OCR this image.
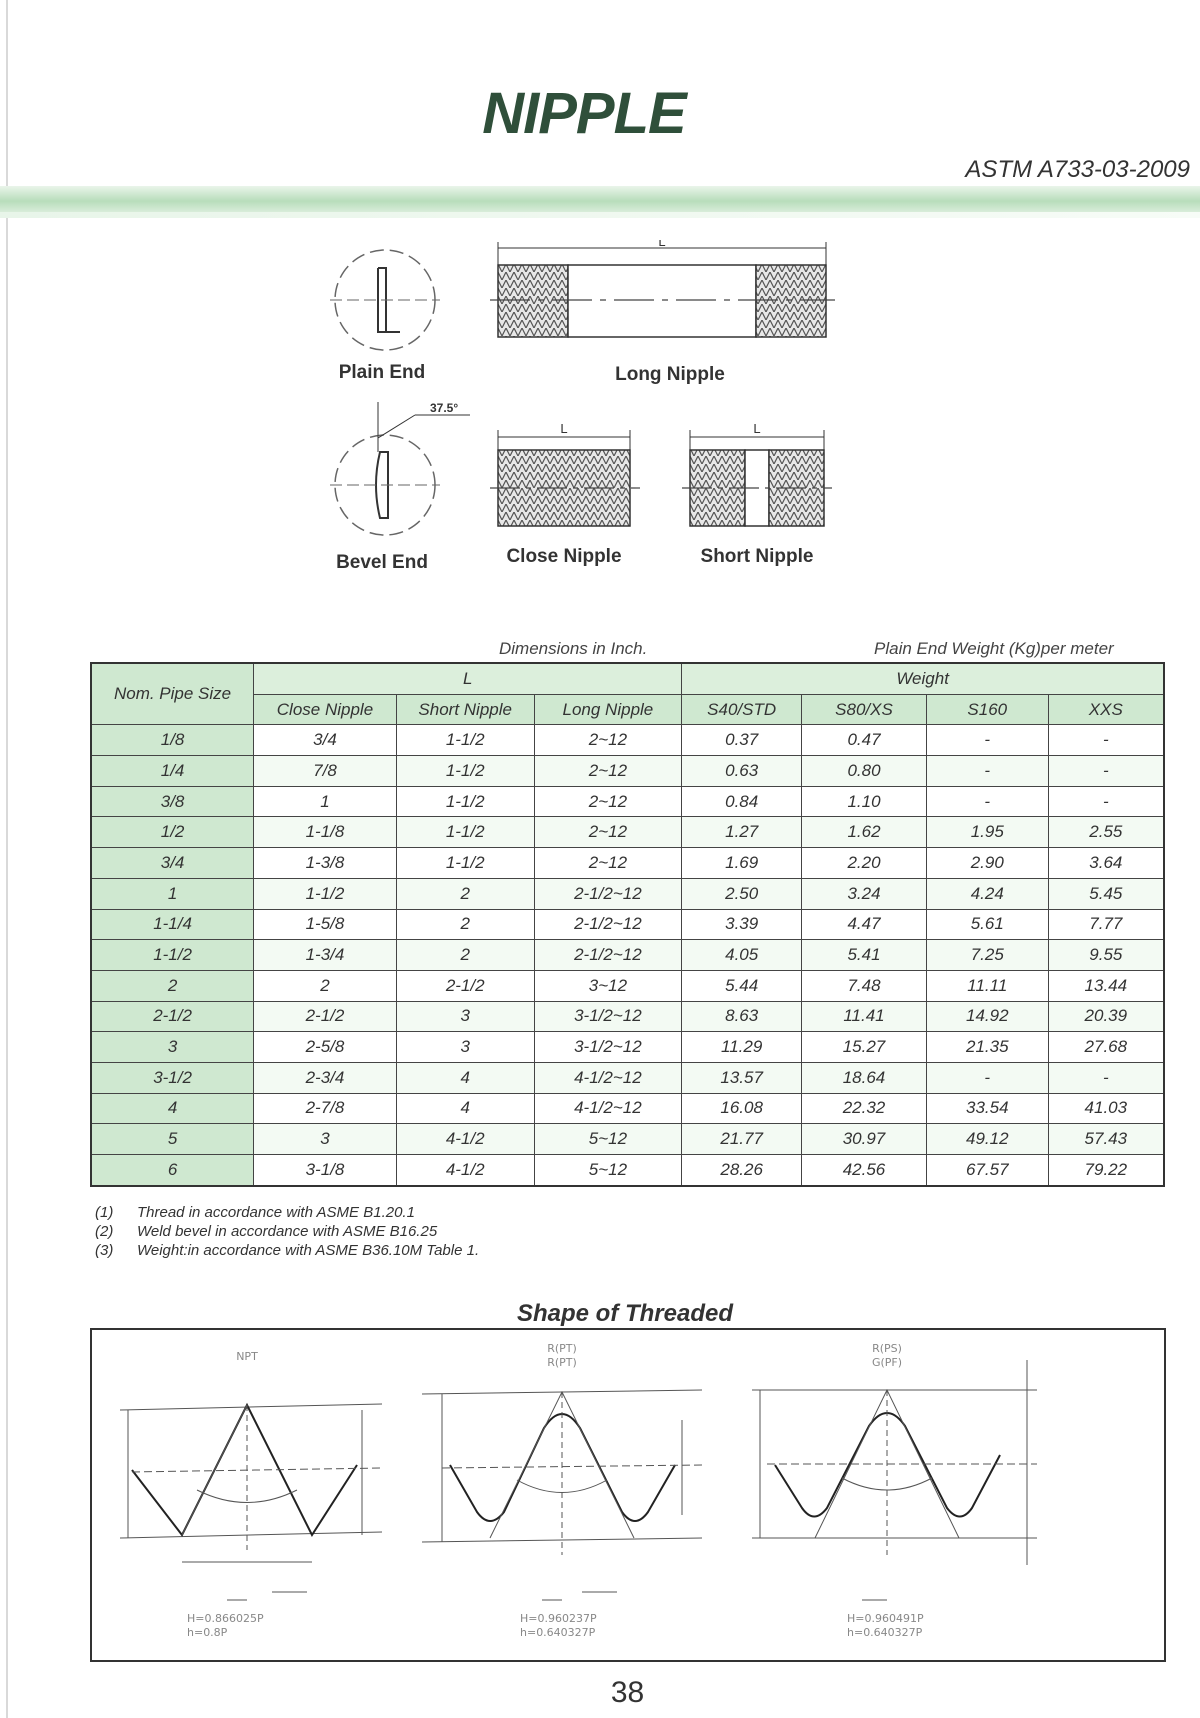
NIPPLE
ASTM A733-03-2009
Plain End
L
Long Nipple
37.5°
Bevel End
L
Close Nipple
L
Short Nipple
Dimensions in Inch.	Plain End Weight (Kg)per meter
Nom. Pipe Size	L			Weight			
	Close Nipple	Short Nipple	Long Nipple	S40/STD	S80/XS	S160	XXS
1/8	3/4	1-1/2	2~12	0.37	0.47	-	-
1/4	7/8	1-1/2	2~12	0.63	0.80	-	-
3/8	1	1-1/2	2~12	0.84	1.10	-	-
1/2	1-1/8	1-1/2	2~12	1.27	1.62	1.95	2.55
3/4	1-3/8	1-1/2	2~12	1.69	2.20	2.90	3.64
1	1-1/2	2	2-1/2~12	2.50	3.24	4.24	5.45
1-1/4	1-5/8	2	2-1/2~12	3.39	4.47	5.61	7.77
1-1/2	1-3/4	2	2-1/2~12	4.05	5.41	7.25	9.55
2	2	2-1/2	3~12	5.44	7.48	11.11	13.44
2-1/2	2-1/2	3	3-1/2~12	8.63	11.41	14.92	20.39
3	2-5/8	3	3-1/2~12	11.29	15.27	21.35	27.68
3-1/2	2-3/4	4	4-1/2~12	13.57	18.64	-	-
4	2-7/8	4	4-1/2~12	16.08	22.32	33.54	41.03
5	3	4-1/2	5~12	21.77	30.97	49.12	57.43
6	3-1/8	4-1/2	5~12	28.26	42.56	67.57	79.22
(1) Thread in accordance with ASME B1.20.1
(2) Weld bevel in accordance with ASME B16.25
(3) Weight:in accordance with ASME B36.10M Table 1.
Shape of Threaded
NPT
H=0.866025P
h=0.8P
R(PT)
R(PT)
H=0.960237P
h=0.640327P
R(PS)
G(PF)
H=0.960491P
h=0.640327P
38
